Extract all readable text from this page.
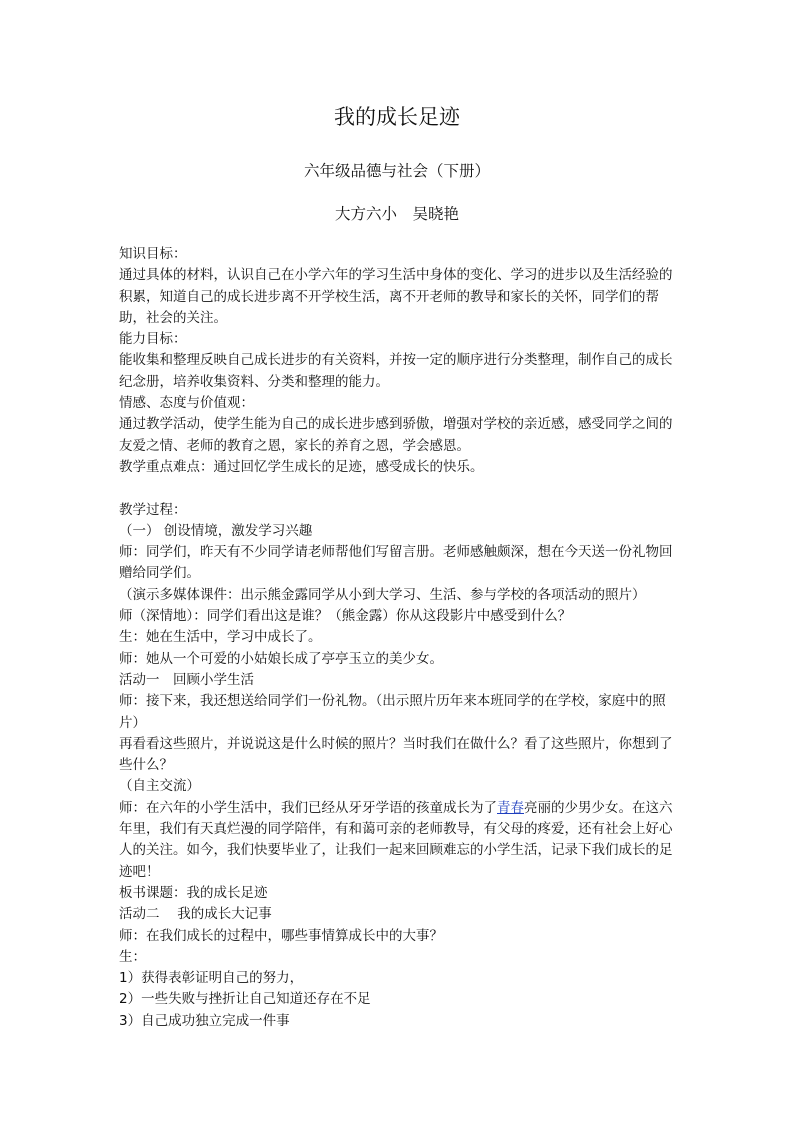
我的成长足迹
六年级品德与社会（下册）
大方六小　吴晓艳

知识目标：

通过具体的材料，认识自己在小学六年的学习生活中身体的变化、学习的进步以及生活经验的积累，知道自己的成长进步离不开学校生活，离不开老师的教导和家长的关怀，同学们的帮助，社会的关注。

能力目标：

能收集和整理反映自己成长进步的有关资料，并按一定的顺序进行分类整理，制作自己的成长纪念册，培养收集资料、分类和整理的能力。

情感、态度与价值观：

通过教学活动，使学生能为自己的成长进步感到骄傲，增强对学校的亲近感，感受同学之间的友爱之情、老师的教育之恩，家长的养育之恩，学会感恩。

教学重点难点：通过回忆学生成长的足迹，感受成长的快乐。

教学过程：

（一） 创设情境，激发学习兴趣

师：同学们，昨天有不少同学请老师帮他们写留言册。老师感触颇深，想在今天送一份礼物回赠给同学们。

（演示多媒体课件：出示熊金露同学从小到大学习、生活、参与学校的各项活动的照片）

师（深情地）：同学们看出这是谁？（熊金露）你从这段影片中感受到什么？

生：她在生活中，学习中成长了。

师：她从一个可爱的小姑娘长成了亭亭玉立的美少女。

活动一　回顾小学生活

师：接下来，我还想送给同学们一份礼物。（出示照片历年来本班同学的在学校，家庭中的照片）

再看看这些照片，并说说这是什么时候的照片？当时我们在做什么？看了这些照片，你想到了些什么？

（自主交流）

师：在六年的小学生活中，我们已经从牙牙学语的孩童成长为了青春亮丽的少男少女。在这六年里，我们有天真烂漫的同学陪伴，有和蔼可亲的老师教导，有父母的疼爱，还有社会上好心人的关注。如今，我们快要毕业了，让我们一起来回顾难忘的小学生活，记录下我们成长的足迹吧！

板书课题：我的成长足迹

活动二　 我的成长大记事

师：在我们成长的过程中，哪些事情算成长中的大事？

生：

1）获得表彰证明自己的努力，

2）一些失败与挫折让自己知道还存在不足

3）自己成功独立完成一件事
